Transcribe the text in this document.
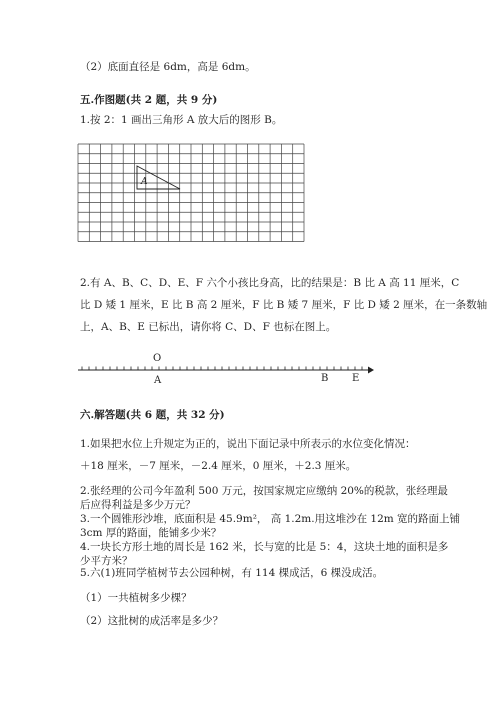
（2）底面直径是 6dm，高是 6dm。
五.作图题(共 2 题，共 9 分)
1.按 2：1 画出三角形 A 放大后的图形 B。
A
O
A	B E
2.有 A、B、C、D、E、F 六个小孩比身高，比的结果是：B 比 A 高 11 厘米，C
比 D 矮 1 厘米，E 比 B 高 2 厘米，F 比 B 矮 7 厘米，F 比 D 矮 2 厘米，在一条数轴
上，A、B、E 已标出，请你将 C、D、F 也标在图上。
六.解答题(共 6 题，共 32 分)
1.如果把水位上升规定为正的，说出下面记录中所表示的水位变化情况：
＋18 厘米，－7 厘米，－2.4 厘米，0 厘米，＋2.3 厘米。
2.张经理的公司今年盈利 500 万元，按国家规定应缴纳 20%的税款，张经理最
后应得利益是多少万元？
3.一个圆锥形沙堆，底面积是 45.9m²， 高 1.2m.用这堆沙在 12m 宽的路面上铺
3cm 厚的路面，能铺多少米？
4.一块长方形土地的周长是 162 米，长与宽的比是 5：4，这块土地的面积是多
少平方米？
5.六(1)班同学植树节去公园种树，有 114 棵成活，6 棵没成活。
（1）一共植树多少棵？
（2）这批树的成活率是多少？
